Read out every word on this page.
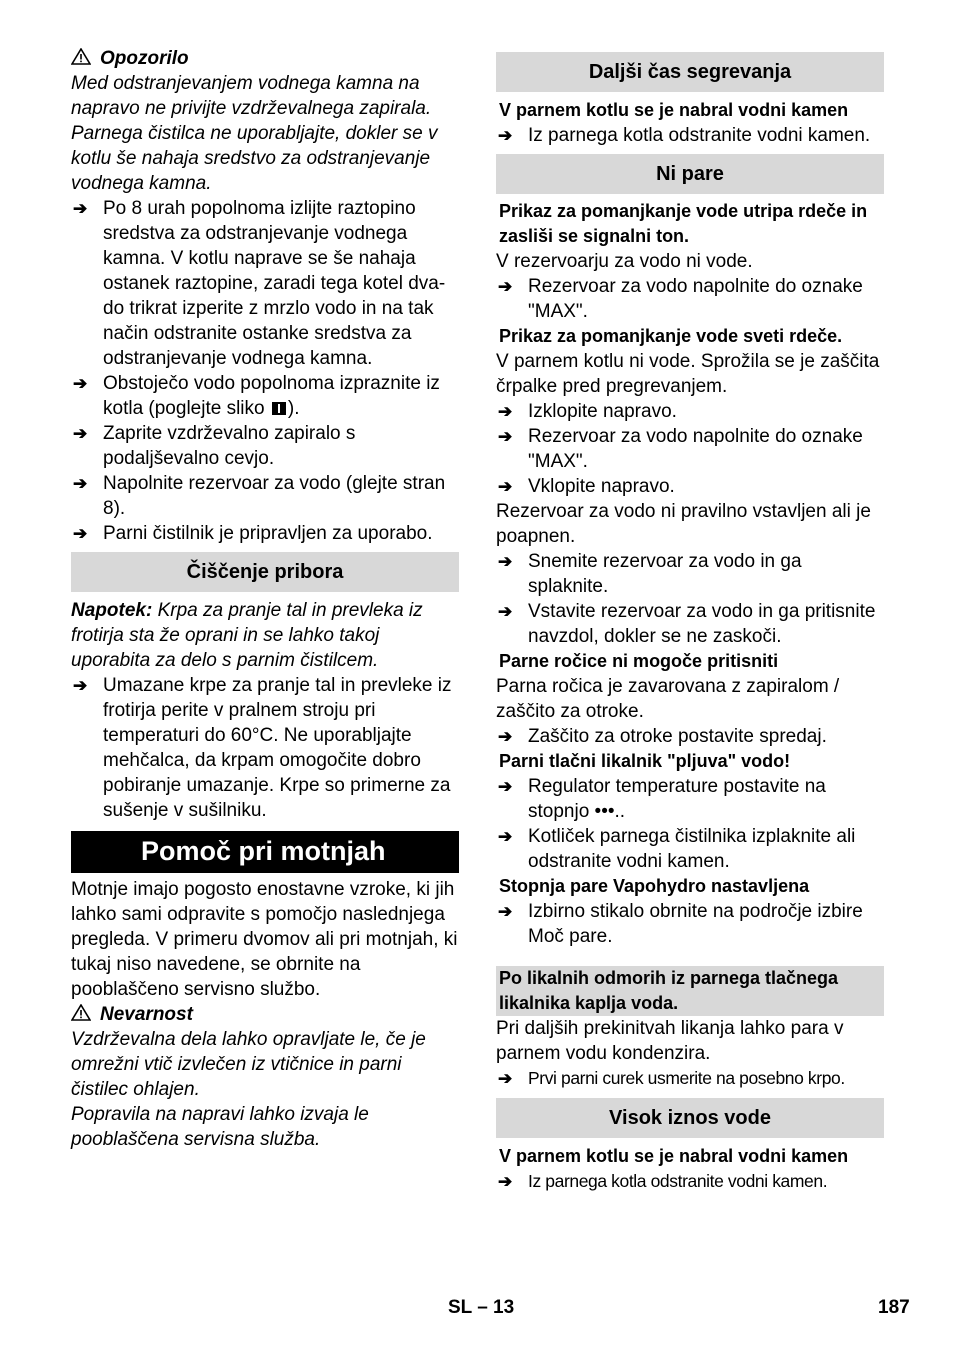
Opozorilo

Med odstranjevanjem vodnega kamna na napravo ne privijte vzdrževalnega zapirala. Parnega čistilca ne uporabljajte, dokler se v kotlu še nahaja sredstvo za odstranjevanje vodnega kamna.

➔ Po 8 urah popolnoma izlijte raztopino sredstva za odstranjevanje vodnega kamna. V kotlu naprave se še nahaja ostanek raztopine, zaradi tega kotel dva- do trikrat izperite z mrzlo vodo in na tak način odstranite ostanke sredstva za odstranjevanje vodnega kamna.

➔ Obstoječo vodo popolnoma izpraznite iz kotla (poglejte sliko ).

➔ Zaprite vzdrževalno zapiralo s podaljševalno cevjo.

➔ Napolnite rezervoar za vodo (glejte stran 8).

➔ Parni čistilnik je pripravljen za uporabo.

Čiščenje pribora

Napotek: Krpa za pranje tal in prevleka iz frotirja sta že oprani in se lahko takoj uporabita za delo s parnim čistilcem.

➔ Umazane krpe za pranje tal in prevleke iz frotirja perite v pralnem stroju pri temperaturi do 60°C. Ne uporabljajte mehčalca, da krpam omogočite dobro pobiranje umazanje. Krpe so primerne za sušenje v sušilniku.

Pomoč pri motnjah

Motnje imajo pogosto enostavne vzroke, ki jih lahko sami odpravite s pomočjo naslednjega pregleda. V primeru dvomov ali pri motnjah, ki tukaj niso navedene, se obrnite na pooblaščeno servisno službo.

Nevarnost

Vzdrževalna dela lahko opravljate le, če je omrežni vtič izvlečen iz vtičnice in parni čistilec ohlajen.

Popravila na napravi lahko izvaja le pooblaščena servisna služba.

Daljši čas segrevanja

V parnem kotlu se je nabral vodni kamen

➔ Iz parnega kotla odstranite vodni kamen.

Ni pare

Prikaz za pomanjkanje vode utripa rdeče in zasliši se signalni ton.

V rezervoarju za vodo ni vode.

➔ Rezervoar za vodo napolnite do oznake "MAX".

Prikaz za pomanjkanje vode sveti rdeče.

V parnem kotlu ni vode. Sprožila se je zaščita črpalke pred pregrevanjem.

➔ Izklopite napravo.

➔ Rezervoar za vodo napolnite do oznake "MAX".

➔ Vklopite napravo.

Rezervoar za vodo ni pravilno vstavljen ali je poapnen.

➔ Snemite rezervoar za vodo in ga splaknite.

➔ Vstavite rezervoar za vodo in ga pritisnite navzdol, dokler se ne zaskoči.

Parne ročice ni mogoče pritisniti

Parna ročica je zavarovana z zapiralom / zaščito za otroke.

➔ Zaščito za otroke postavite spredaj.

Parni tlačni likalnik "pljuva" vodo!

➔ Regulator temperature postavite na stopnjo •••..

➔ Kotliček parnega čistilnika izplaknite ali odstranite vodni kamen.

Stopnja pare Vapohydro nastavljena

➔ Izbirno stikalo obrnite na področje izbire Moč pare.

Po likalnih odmorih iz parnega tlačnega likalnika kaplja voda.

Pri daljših prekinitvah likanja lahko para v parnem vodu kondenzira.

➔ Prvi parni curek usmerite na posebno krpo.

Visok iznos vode

V parnem kotlu se je nabral vodni kamen

➔ Iz parnega kotla odstranite vodni kamen.

SL – 13	187
